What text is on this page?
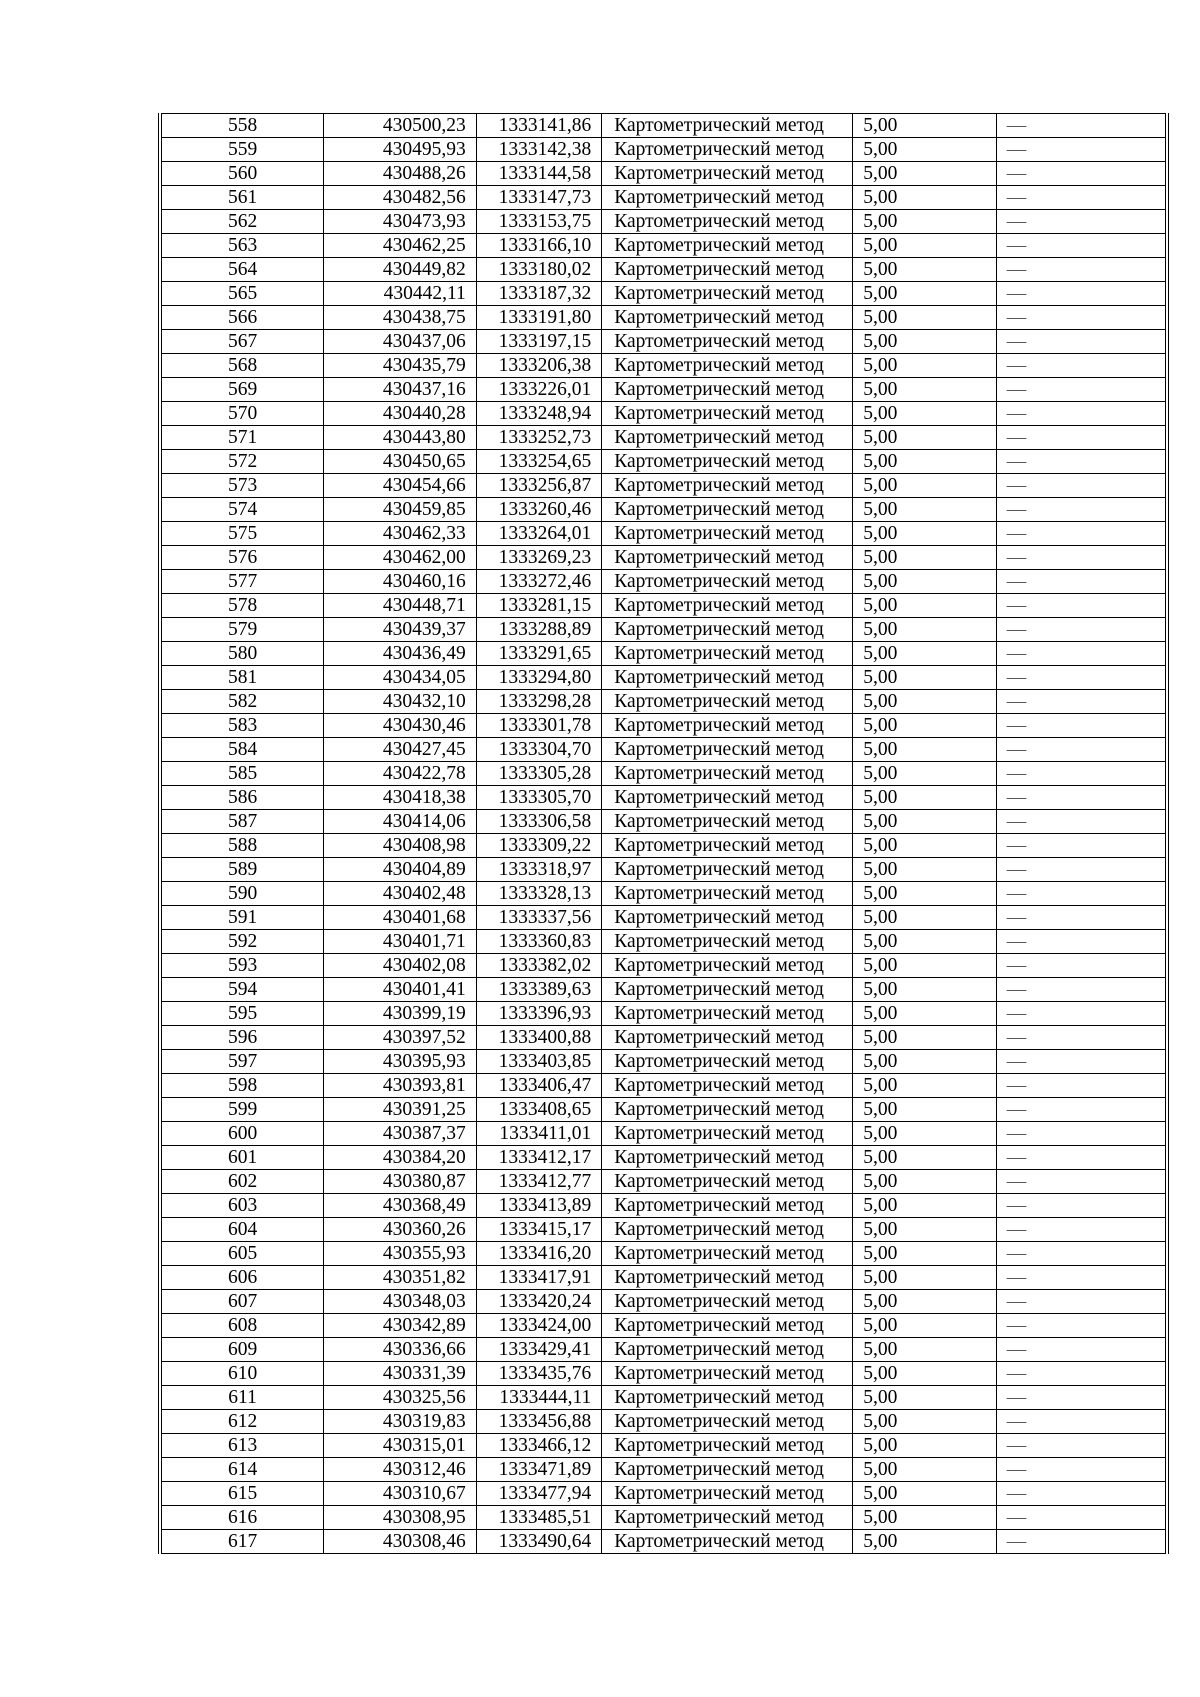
558	430500,23	1333141,86	Картометрический метод	5,00	—
559	430495,93	1333142,38	Картометрический метод	5,00	—
560	430488,26	1333144,58	Картометрический метод	5,00	—
561	430482,56	1333147,73	Картометрический метод	5,00	—
562	430473,93	1333153,75	Картометрический метод	5,00	—
563	430462,25	1333166,10	Картометрический метод	5,00	—
564	430449,82	1333180,02	Картометрический метод	5,00	—
565	430442,11	1333187,32	Картометрический метод	5,00	—
566	430438,75	1333191,80	Картометрический метод	5,00	—
567	430437,06	1333197,15	Картометрический метод	5,00	—
568	430435,79	1333206,38	Картометрический метод	5,00	—
569	430437,16	1333226,01	Картометрический метод	5,00	—
570	430440,28	1333248,94	Картометрический метод	5,00	—
571	430443,80	1333252,73	Картометрический метод	5,00	—
572	430450,65	1333254,65	Картометрический метод	5,00	—
573	430454,66	1333256,87	Картометрический метод	5,00	—
574	430459,85	1333260,46	Картометрический метод	5,00	—
575	430462,33	1333264,01	Картометрический метод	5,00	—
576	430462,00	1333269,23	Картометрический метод	5,00	—
577	430460,16	1333272,46	Картометрический метод	5,00	—
578	430448,71	1333281,15	Картометрический метод	5,00	—
579	430439,37	1333288,89	Картометрический метод	5,00	—
580	430436,49	1333291,65	Картометрический метод	5,00	—
581	430434,05	1333294,80	Картометрический метод	5,00	—
582	430432,10	1333298,28	Картометрический метод	5,00	—
583	430430,46	1333301,78	Картометрический метод	5,00	—
584	430427,45	1333304,70	Картометрический метод	5,00	—
585	430422,78	1333305,28	Картометрический метод	5,00	—
586	430418,38	1333305,70	Картометрический метод	5,00	—
587	430414,06	1333306,58	Картометрический метод	5,00	—
588	430408,98	1333309,22	Картометрический метод	5,00	—
589	430404,89	1333318,97	Картометрический метод	5,00	—
590	430402,48	1333328,13	Картометрический метод	5,00	—
591	430401,68	1333337,56	Картометрический метод	5,00	—
592	430401,71	1333360,83	Картометрический метод	5,00	—
593	430402,08	1333382,02	Картометрический метод	5,00	—
594	430401,41	1333389,63	Картометрический метод	5,00	—
595	430399,19	1333396,93	Картометрический метод	5,00	—
596	430397,52	1333400,88	Картометрический метод	5,00	—
597	430395,93	1333403,85	Картометрический метод	5,00	—
598	430393,81	1333406,47	Картометрический метод	5,00	—
599	430391,25	1333408,65	Картометрический метод	5,00	—
600	430387,37	1333411,01	Картометрический метод	5,00	—
601	430384,20	1333412,17	Картометрический метод	5,00	—
602	430380,87	1333412,77	Картометрический метод	5,00	—
603	430368,49	1333413,89	Картометрический метод	5,00	—
604	430360,26	1333415,17	Картометрический метод	5,00	—
605	430355,93	1333416,20	Картометрический метод	5,00	—
606	430351,82	1333417,91	Картометрический метод	5,00	—
607	430348,03	1333420,24	Картометрический метод	5,00	—
608	430342,89	1333424,00	Картометрический метод	5,00	—
609	430336,66	1333429,41	Картометрический метод	5,00	—
610	430331,39	1333435,76	Картометрический метод	5,00	—
611	430325,56	1333444,11	Картометрический метод	5,00	—
612	430319,83	1333456,88	Картометрический метод	5,00	—
613	430315,01	1333466,12	Картометрический метод	5,00	—
614	430312,46	1333471,89	Картометрический метод	5,00	—
615	430310,67	1333477,94	Картометрический метод	5,00	—
616	430308,95	1333485,51	Картометрический метод	5,00	—
617	430308,46	1333490,64	Картометрический метод	5,00	—
